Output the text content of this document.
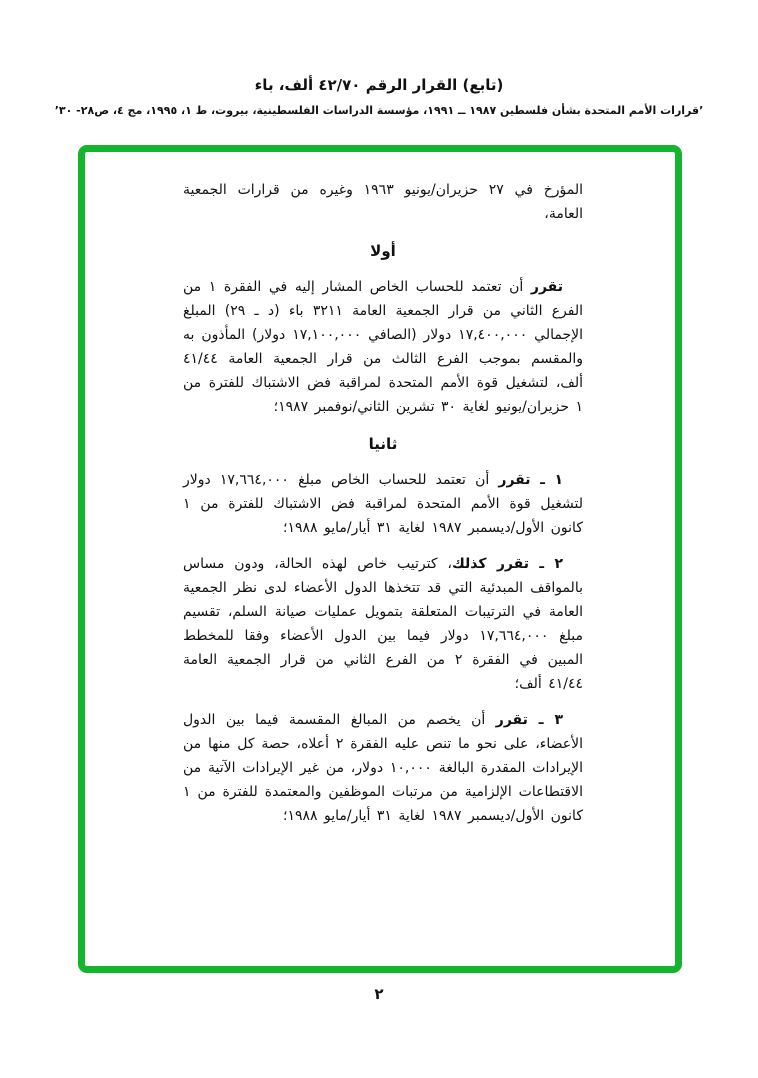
(تابع) القرار الرقم ٤٢/٧٠ ألف، باء
’قرارات الأمم المتحدة بشأن فلسطين ١٩٨٧ ــ ١٩٩١، مؤسسة الدراسات الفلسطينية، بيروت، ط ١، ١٩٩٥، مج ٤، ص٢٨- ٣٠’

المؤرخ في ٢٧ حزيران/يونيو ١٩٦٣ وغيره من قرارات الجمعية العامة،

أولا

تقرر أن تعتمد للحساب الخاص المشار إليه في الفقرة ١ من الفرع الثاني من قرار الجمعية العامة ٣٢١١ باء (د ـ ٢٩) المبلغ الإجمالي ١٧,٤٠٠,٠٠٠ دولار (الصافي ١٧,١٠٠,٠٠٠ دولار) المأذون به والمقسم بموجب الفرع الثالث من قرار الجمعية العامة ٤١/٤٤ ألف، لتشغيل قوة الأمم المتحدة لمراقبة فض الاشتباك للفترة من ١ حزيران/يونيو لغاية ٣٠ تشرين الثاني/نوفمبر ١٩٨٧؛

ثانيا

١ ـ تقرر أن تعتمد للحساب الخاص مبلغ ١٧,٦٦٤,٠٠٠ دولار لتشغيل قوة الأمم المتحدة لمراقبة فض الاشتباك للفترة من ١ كانون الأول/ديسمبر ١٩٨٧ لغاية ٣١ أيار/مايو ١٩٨٨؛

٢ ـ تقرر كذلك، كترتيب خاص لهذه الحالة، ودون مساس بالمواقف المبدئية التي قد تتخذها الدول الأعضاء لدى نظر الجمعية العامة في الترتيبات المتعلقة بتمويل عمليات صيانة السلم، تقسيم مبلغ ١٧,٦٦٤,٠٠٠ دولار فيما بين الدول الأعضاء وفقا للمخطط المبين في الفقرة ٢ من الفرع الثاني من قرار الجمعية العامة ٤١/٤٤ ألف؛

٣ ـ تقرر أن يخصم من المبالغ المقسمة فيما بين الدول الأعضاء، على نحو ما تنص عليه الفقرة ٢ أعلاه، حصة كل منها من الإيرادات المقدرة البالغة ١٠,٠٠٠ دولار، من غير الإيرادات الآتية من الاقتطاعات الإلزامية من مرتبات الموظفين والمعتمدة للفترة من ١ كانون الأول/ديسمبر ١٩٨٧ لغاية ٣١ أيار/مايو ١٩٨٨؛

٢
